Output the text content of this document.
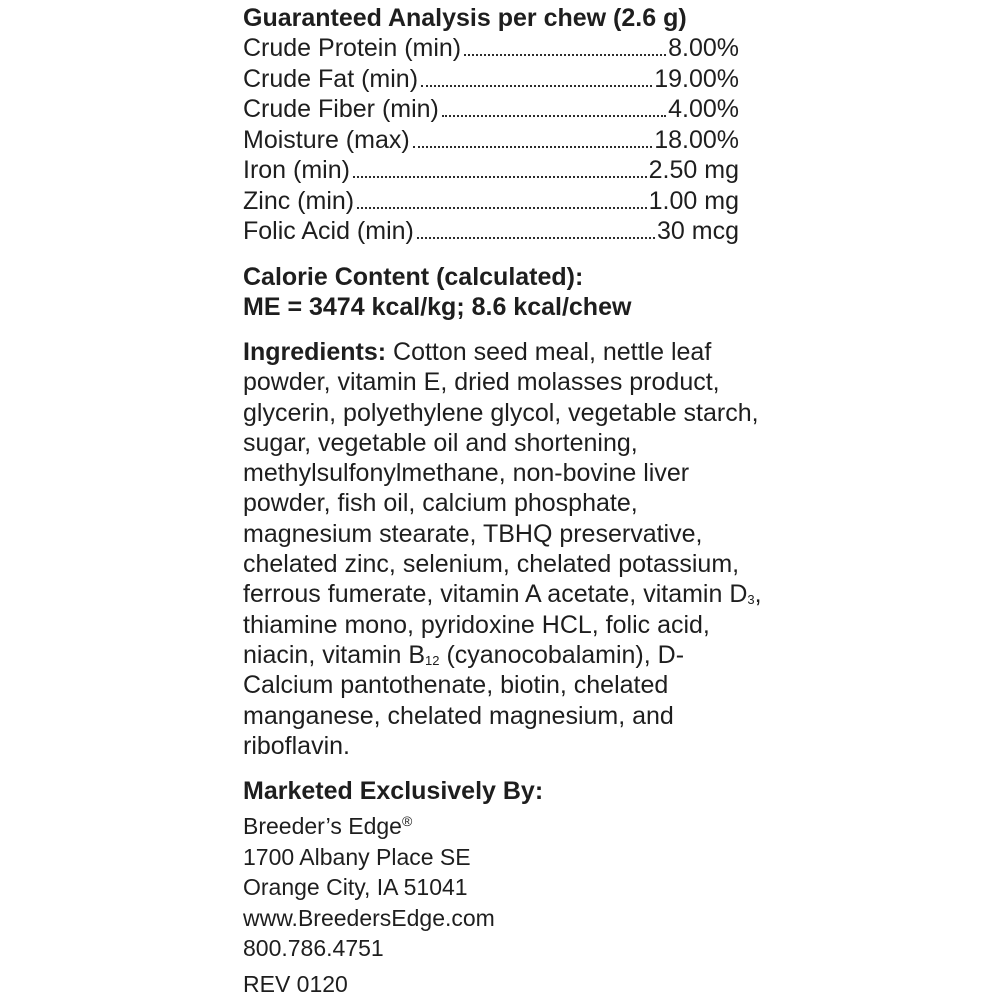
Guaranteed Analysis per chew (2.6 g)
Crude Protein (min)	8.00%
Crude Fat (min)	19.00%
Crude Fiber (min)	4.00%
Moisture (max)	18.00%
Iron (min)	2.50 mg
Zinc (min)	1.00 mg
Folic Acid (min)	30 mcg
Calorie Content (calculated):
ME = 3474 kcal/kg; 8.6 kcal/chew
Ingredients: Cotton seed meal, nettle leaf powder, vitamin E, dried molasses product, glycerin, polyethylene glycol, vegetable starch, sugar, vegetable oil and shortening, methylsulfonylmethane, non-bovine liver powder, fish oil, calcium phosphate, magnesium stearate, TBHQ preservative, chelated zinc, selenium, chelated potassium, ferrous fumerate, vitamin A acetate, vitamin $D_3$, thiamine mono, pyridoxine HCL, folic acid, niacin, vitamin $B_{12}$ (cyanocobalamin), D-Calcium pantothenate, biotin, chelated manganese, chelated magnesium, and riboflavin.
Marketed Exclusively By:
Breeder’s Edge®
1700 Albany Place SE
Orange City, IA 51041
www.BreedersEdge.com
800.786.4751
REV 0120
